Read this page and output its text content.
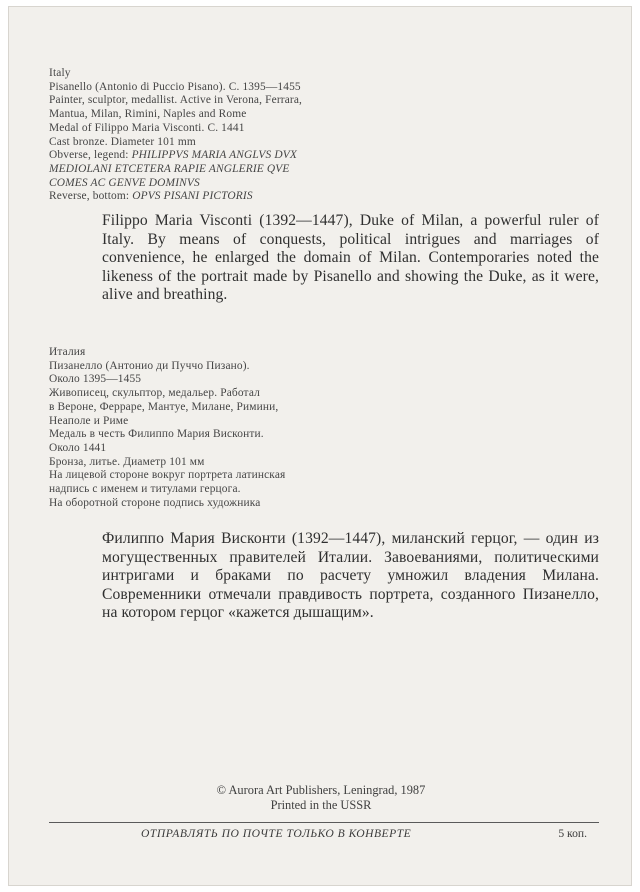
Italy
Pisanello (Antonio di Puccio Pisano). C. 1395—1455
Painter, sculptor, medallist. Active in Verona, Ferrara,
Mantua, Milan, Rimini, Naples and Rome
Medal of Filippo Maria Visconti. C. 1441
Cast bronze. Diameter 101 mm
Obverse, legend: PHILIPPVS MARIA ANGLVS DVX
MEDIOLANI ETCETERA RAPIE ANGLERIE QVE
COMES AC GENVE DOMINVS
Reverse, bottom: OPVS PISANI PICTORIS
Filippo Maria Visconti (1392—1447), Duke of Milan, a powerful ruler of Italy. By means of conquests, political intrigues and marriages of convenience, he enlarged the domain of Milan. Contemporaries noted the likeness of the portrait made by Pisanello and showing the Duke, as it were, alive and breathing.
Италия
Пизанелло (Антонио ди Пуччо Пизано).
Около 1395—1455
Живописец, скульптор, медальер. Работал
в Вероне, Ферраре, Мантуе, Милане, Римини,
Неаполе и Риме
Медаль в честь Филиппо Мария Висконти.
Около 1441
Бронза, литье. Диаметр 101 мм
На лицевой стороне вокруг портрета латинская
надпись с именем и титулами герцога.
На оборотной стороне подпись художника
Филиппо Мария Висконти (1392—1447), миланский герцог, — один из могущественных правителей Италии. Завоеваниями, политическими интригами и браками по расчету умножил владения Милана. Современники отмечали правдивость портрета, созданного Пизанелло, на котором герцог «кажется дышащим».
© Aurora Art Publishers, Leningrad, 1987
Printed in the USSR
ОТПРАВЛЯТЬ ПО ПОЧТЕ ТОЛЬКО В КОНВЕРТЕ	5 коп.
